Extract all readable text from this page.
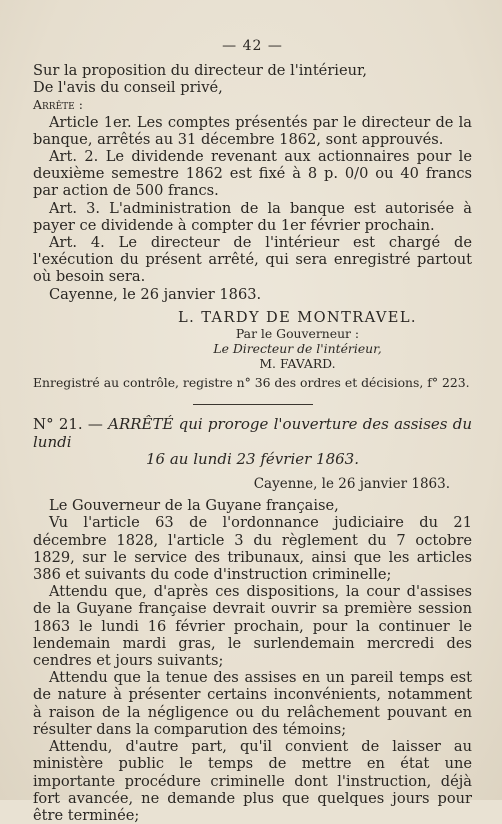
— 42 —

Sur la proposition du directeur de l'intérieur,

De l'avis du conseil privé,

Arrête :

Article 1er. Les comptes présentés par le directeur de la banque, arrêtés au 31 décembre 1862, sont approuvés.

Art. 2. Le dividende revenant aux actionnaires pour le deuxième semestre 1862 est fixé à 8 p. 0/0 ou 40 francs par action de 500 francs.

Art. 3. L'administration de la banque est autorisée à payer ce dividende à compter du 1er février prochain.

Art. 4. Le directeur de l'intérieur est chargé de l'exécution du présent arrêté, qui sera enregistré partout où besoin sera.

Cayenne, le 26 janvier 1863.

L. TARDY DE MONTRAVEL.
Par le Gouverneur :
Le Directeur de l'intérieur,
M. FAVARD.
Enregistré au contrôle, registre n° 36 des ordres et décisions, f° 223.

N° 21. — ARRÊTÉ qui proroge l'ouverture des assises du lundi

16 au lundi 23 février 1863.

Cayenne, le 26 janvier 1863.

Le Gouverneur de la Guyane française,

Vu l'article 63 de l'ordonnance judiciaire du 21 décembre 1828, l'article 3 du règlement du 7 octobre 1829, sur le service des tribunaux, ainsi que les articles 386 et suivants du code d'instruction criminelle;

Attendu que, d'après ces dispositions, la cour d'assises de la Guyane française devrait ouvrir sa première session 1863 le lundi 16 février prochain, pour la continuer le lendemain mardi gras, le surlendemain mercredi des cendres et jours suivants;

Attendu que la tenue des assises en un pareil temps est de nature à présenter certains inconvénients, notamment à raison de la négligence ou du relâchement pouvant en résulter dans la comparution des témoins;

Attendu, d'autre part, qu'il convient de laisser au ministère public le temps de mettre en état une importante procédure criminelle dont l'instruction, déjà fort avancée, ne demande plus que quelques jours pour être terminée;
